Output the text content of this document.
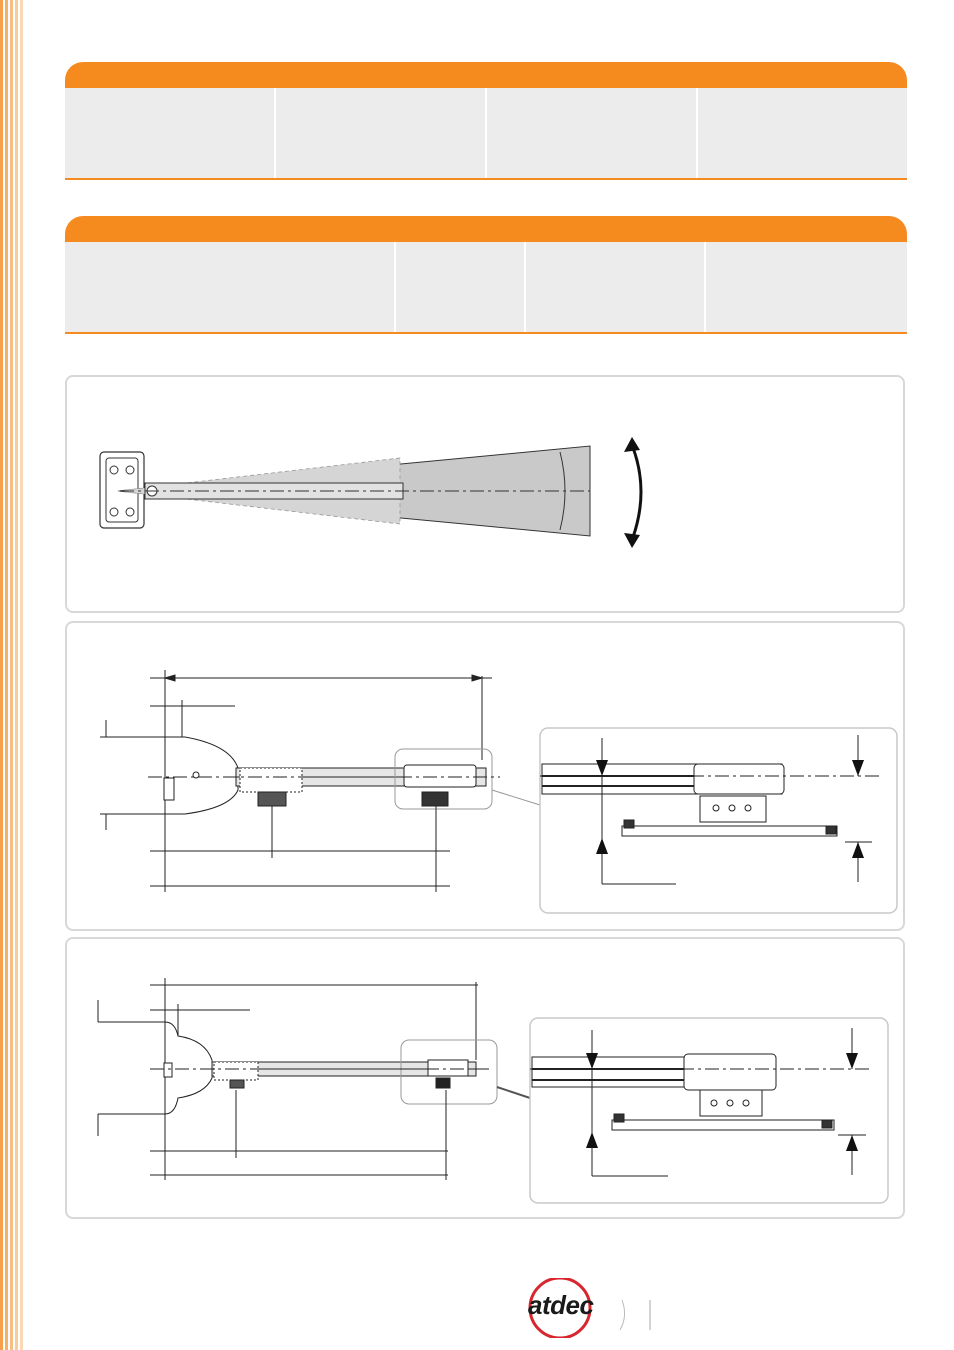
atdec
